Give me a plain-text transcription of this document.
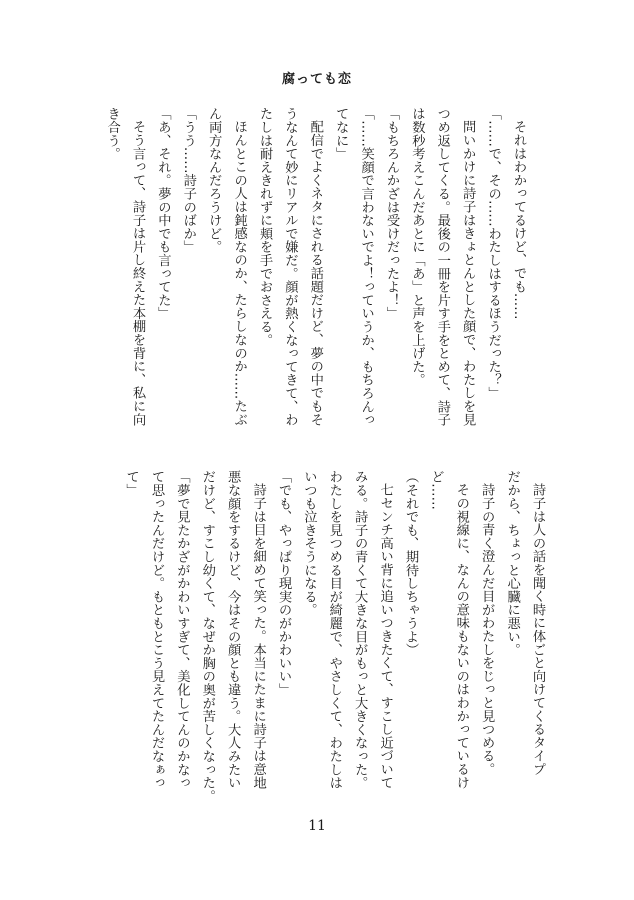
腐っても恋
それはわかってるけど、でも……
「……で、その……わたしはするほうだった？」
問いかけに詩子はきょとんとした顔で、わたしを見
つめ返してくる。最後の一冊を片す手をとめて、詩子
は数秒考えこんだあとに「あ」と声を上げた。
「もちろんかざは受けだったよ！」
「……笑顔で言わないでよ！っていうか、もちろんっ
てなに」
配信でよくネタにされる話題だけど、夢の中でもそ
うなんて妙にリアルで嫌だ。顔が熱くなってきて、わ
たしは耐えきれずに頬を手でおさえる。
ほんとこの人は鈍感なのか、たらしなのか……たぶ
ん両方なんだろうけど。
「うう……詩子のばか」
「あ、それ。夢の中でも言ってた」
そう言って、詩子は片し終えた本棚を背に、私に向
き合う。
詩子は人の話を聞く時に体ごと向けてくるタイプ
だから、ちょっと心臓に悪い。
詩子の青く澄んだ目がわたしをじっと見つめる。
その視線に、なんの意味もないのはわかっているけ
ど……
（それでも、期待しちゃうよ）
七センチ高い背に追いつきたくて、すこし近づいて
みる。詩子の青くて大きな目がもっと大きくなった。
わたしを見つめる目が綺麗で、やさしくて、わたしは
いつも泣きそうになる。
「でも、やっぱり現実のがかわいい」
詩子は目を細めて笑った。本当にたまに詩子は意地
悪な顔をするけど、今はその顔とも違う。大人みたい
だけど、すこし幼くて、なぜか胸の奥が苦しくなった。
「夢で見たかざがかわいすぎて、美化してんのかなっ
て思ったんだけど。もともとこう見えてたんだなぁっ
て」
11
